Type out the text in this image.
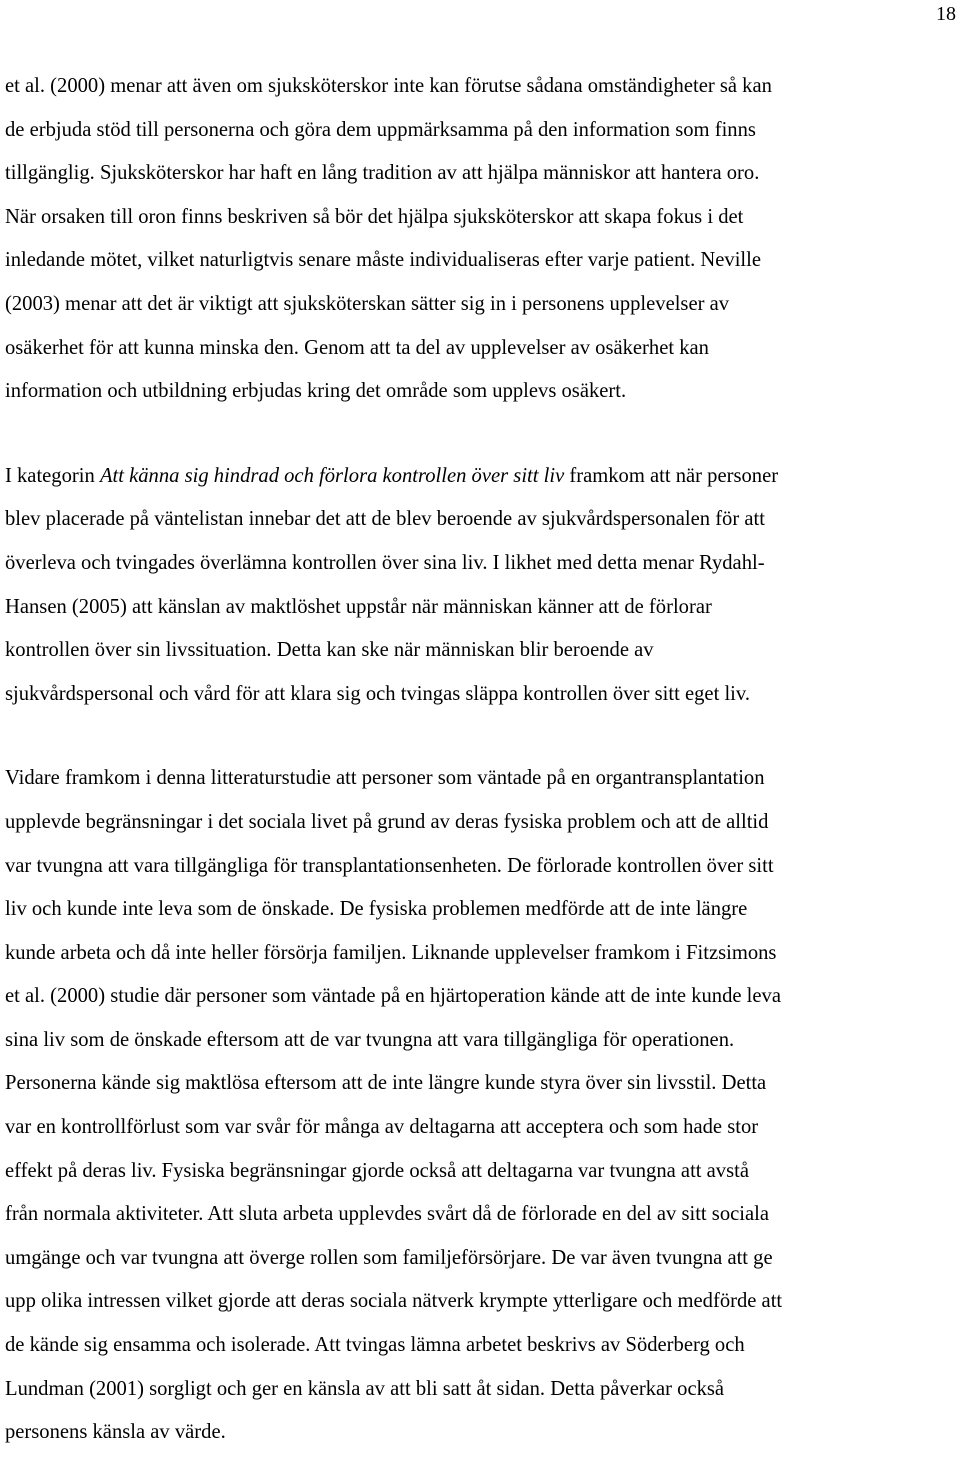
18
et al. (2000) menar att även om sjuksköterskor inte kan förutse sådana omständigheter så kan
de erbjuda stöd till personerna och göra dem uppmärksamma på den information som finns
tillgänglig. Sjuksköterskor har haft en lång tradition av att hjälpa människor att hantera oro.
När orsaken till oron finns beskriven så bör det hjälpa sjuksköterskor att skapa fokus i det
inledande mötet, vilket naturligtvis senare måste individualiseras efter varje patient. Neville
(2003) menar att det är viktigt att sjuksköterskan sätter sig in i personens upplevelser av
osäkerhet för att kunna minska den. Genom att ta del av upplevelser av osäkerhet kan
information och utbildning erbjudas kring det område som upplevs osäkert.
I kategorin Att känna sig hindrad och förlora kontrollen över sitt liv framkom att när personer
blev placerade på väntelistan innebar det att de blev beroende av sjukvårdspersonalen för att
överleva och tvingades överlämna kontrollen över sina liv. I likhet med detta menar Rydahl-
Hansen (2005) att känslan av maktlöshet uppstår när människan känner att de förlorar
kontrollen över sin livssituation. Detta kan ske när människan blir beroende av
sjukvårdspersonal och vård för att klara sig och tvingas släppa kontrollen över sitt eget liv.
Vidare framkom i denna litteraturstudie att personer som väntade på en organtransplantation
upplevde begränsningar i det sociala livet på grund av deras fysiska problem och att de alltid
var tvungna att vara tillgängliga för transplantationsenheten. De förlorade kontrollen över sitt
liv och kunde inte leva som de önskade. De fysiska problemen medförde att de inte längre
kunde arbeta och då inte heller försörja familjen. Liknande upplevelser framkom i Fitzsimons
et al. (2000) studie där personer som väntade på en hjärtoperation kände att de inte kunde leva
sina liv som de önskade eftersom att de var tvungna att vara tillgängliga för operationen.
Personerna kände sig maktlösa eftersom att de inte längre kunde styra över sin livsstil. Detta
var en kontrollförlust som var svår för många av deltagarna att acceptera och som hade stor
effekt på deras liv. Fysiska begränsningar gjorde också att deltagarna var tvungna att avstå
från normala aktiviteter. Att sluta arbeta upplevdes svårt då de förlorade en del av sitt sociala
umgänge och var tvungna att överge rollen som familjeförsörjare. De var även tvungna att ge
upp olika intressen vilket gjorde att deras sociala nätverk krympte ytterligare och medförde att
de kände sig ensamma och isolerade. Att tvingas lämna arbetet beskrivs av Söderberg och
Lundman (2001) sorgligt och ger en känsla av att bli satt åt sidan. Detta påverkar också
personens känsla av värde.
